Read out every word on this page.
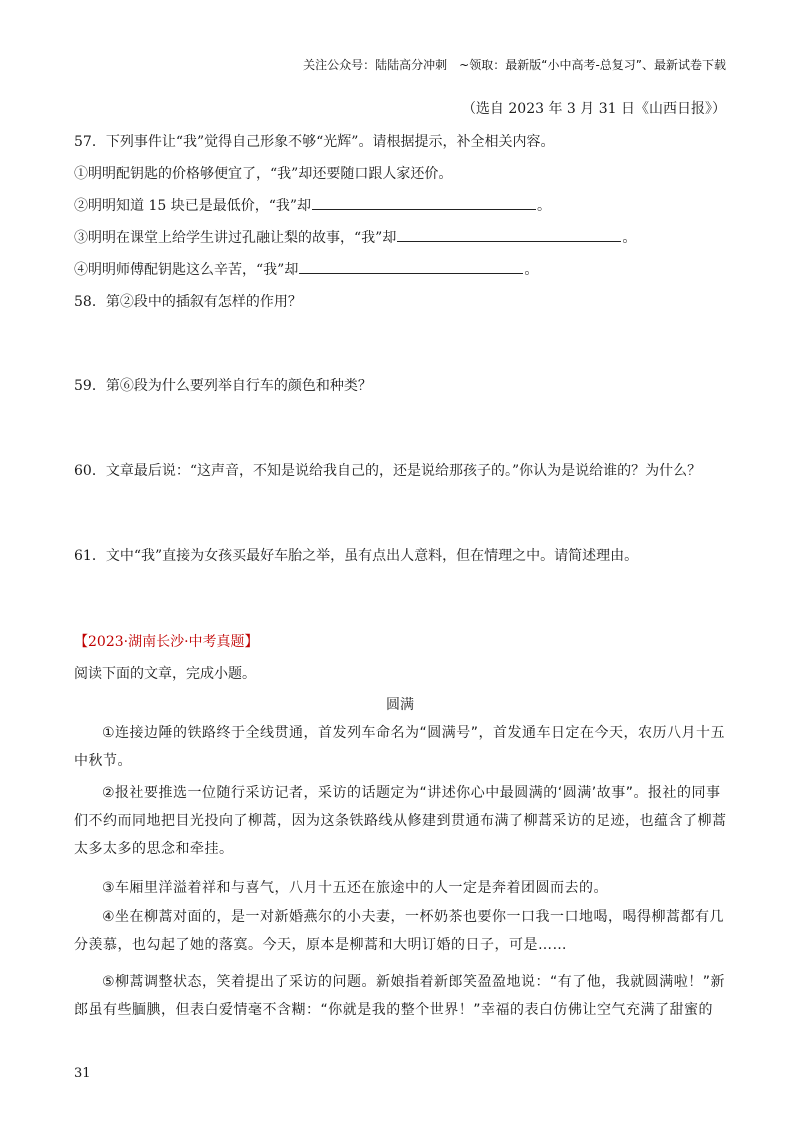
关注公众号：陆陆高分冲刺　~领取：最新版“小中高考-总复习”、最新试卷下载
（选自 2023 年 3 月 31 日《山西日报》）
57．下列事件让“我”觉得自己形象不够“光辉”。请根据提示，补全相关内容。
①明明配钥匙的价格够便宜了，“我”却还要随口跟人家还价。
②明明知道 15 块已是最低价，“我”却	。
③明明在课堂上给学生讲过孔融让梨的故事，“我”却	。
④明明师傅配钥匙这么辛苦，“我”却	。
58．第②段中的插叙有怎样的作用？
59．第⑥段为什么要列举自行车的颜色和种类？
60．文章最后说：“这声音，不知是说给我自己的，还是说给那孩子的。”你认为是说给谁的？为什么？
61．文中“我”直接为女孩买最好车胎之举，虽有点出人意料，但在情理之中。请简述理由。
【2023·湖南长沙·中考真题】
阅读下面的文章，完成小题。
圆满
①连接边陲的铁路终于全线贯通，首发列车命名为“圆满号”，首发通车日定在今天，农历八月十五中秋节。
②报社要推选一位随行采访记者，采访的话题定为“讲述你心中最圆满的‘圆满’故事”。报社的同事们不约而同地把目光投向了柳蒿，因为这条铁路线从修建到贯通布满了柳蒿采访的足迹，也蕴含了柳蒿太多太多的思念和牵挂。
③车厢里洋溢着祥和与喜气，八月十五还在旅途中的人一定是奔着团圆而去的。
④坐在柳蒿对面的，是一对新婚燕尔的小夫妻，一杯奶茶也要你一口我一口地喝，喝得柳蒿都有几分羡慕，也勾起了她的落寞。今天，原本是柳蒿和大明订婚的日子，可是……
⑤柳蒿调整状态，笑着提出了采访的问题。新娘指着新郎笑盈盈地说：“有了他，我就圆满啦！”新郎虽有些腼腆，但表白爱情毫不含糊：“你就是我的整个世界！”幸福的表白仿佛让空气充满了甜蜜的
31
